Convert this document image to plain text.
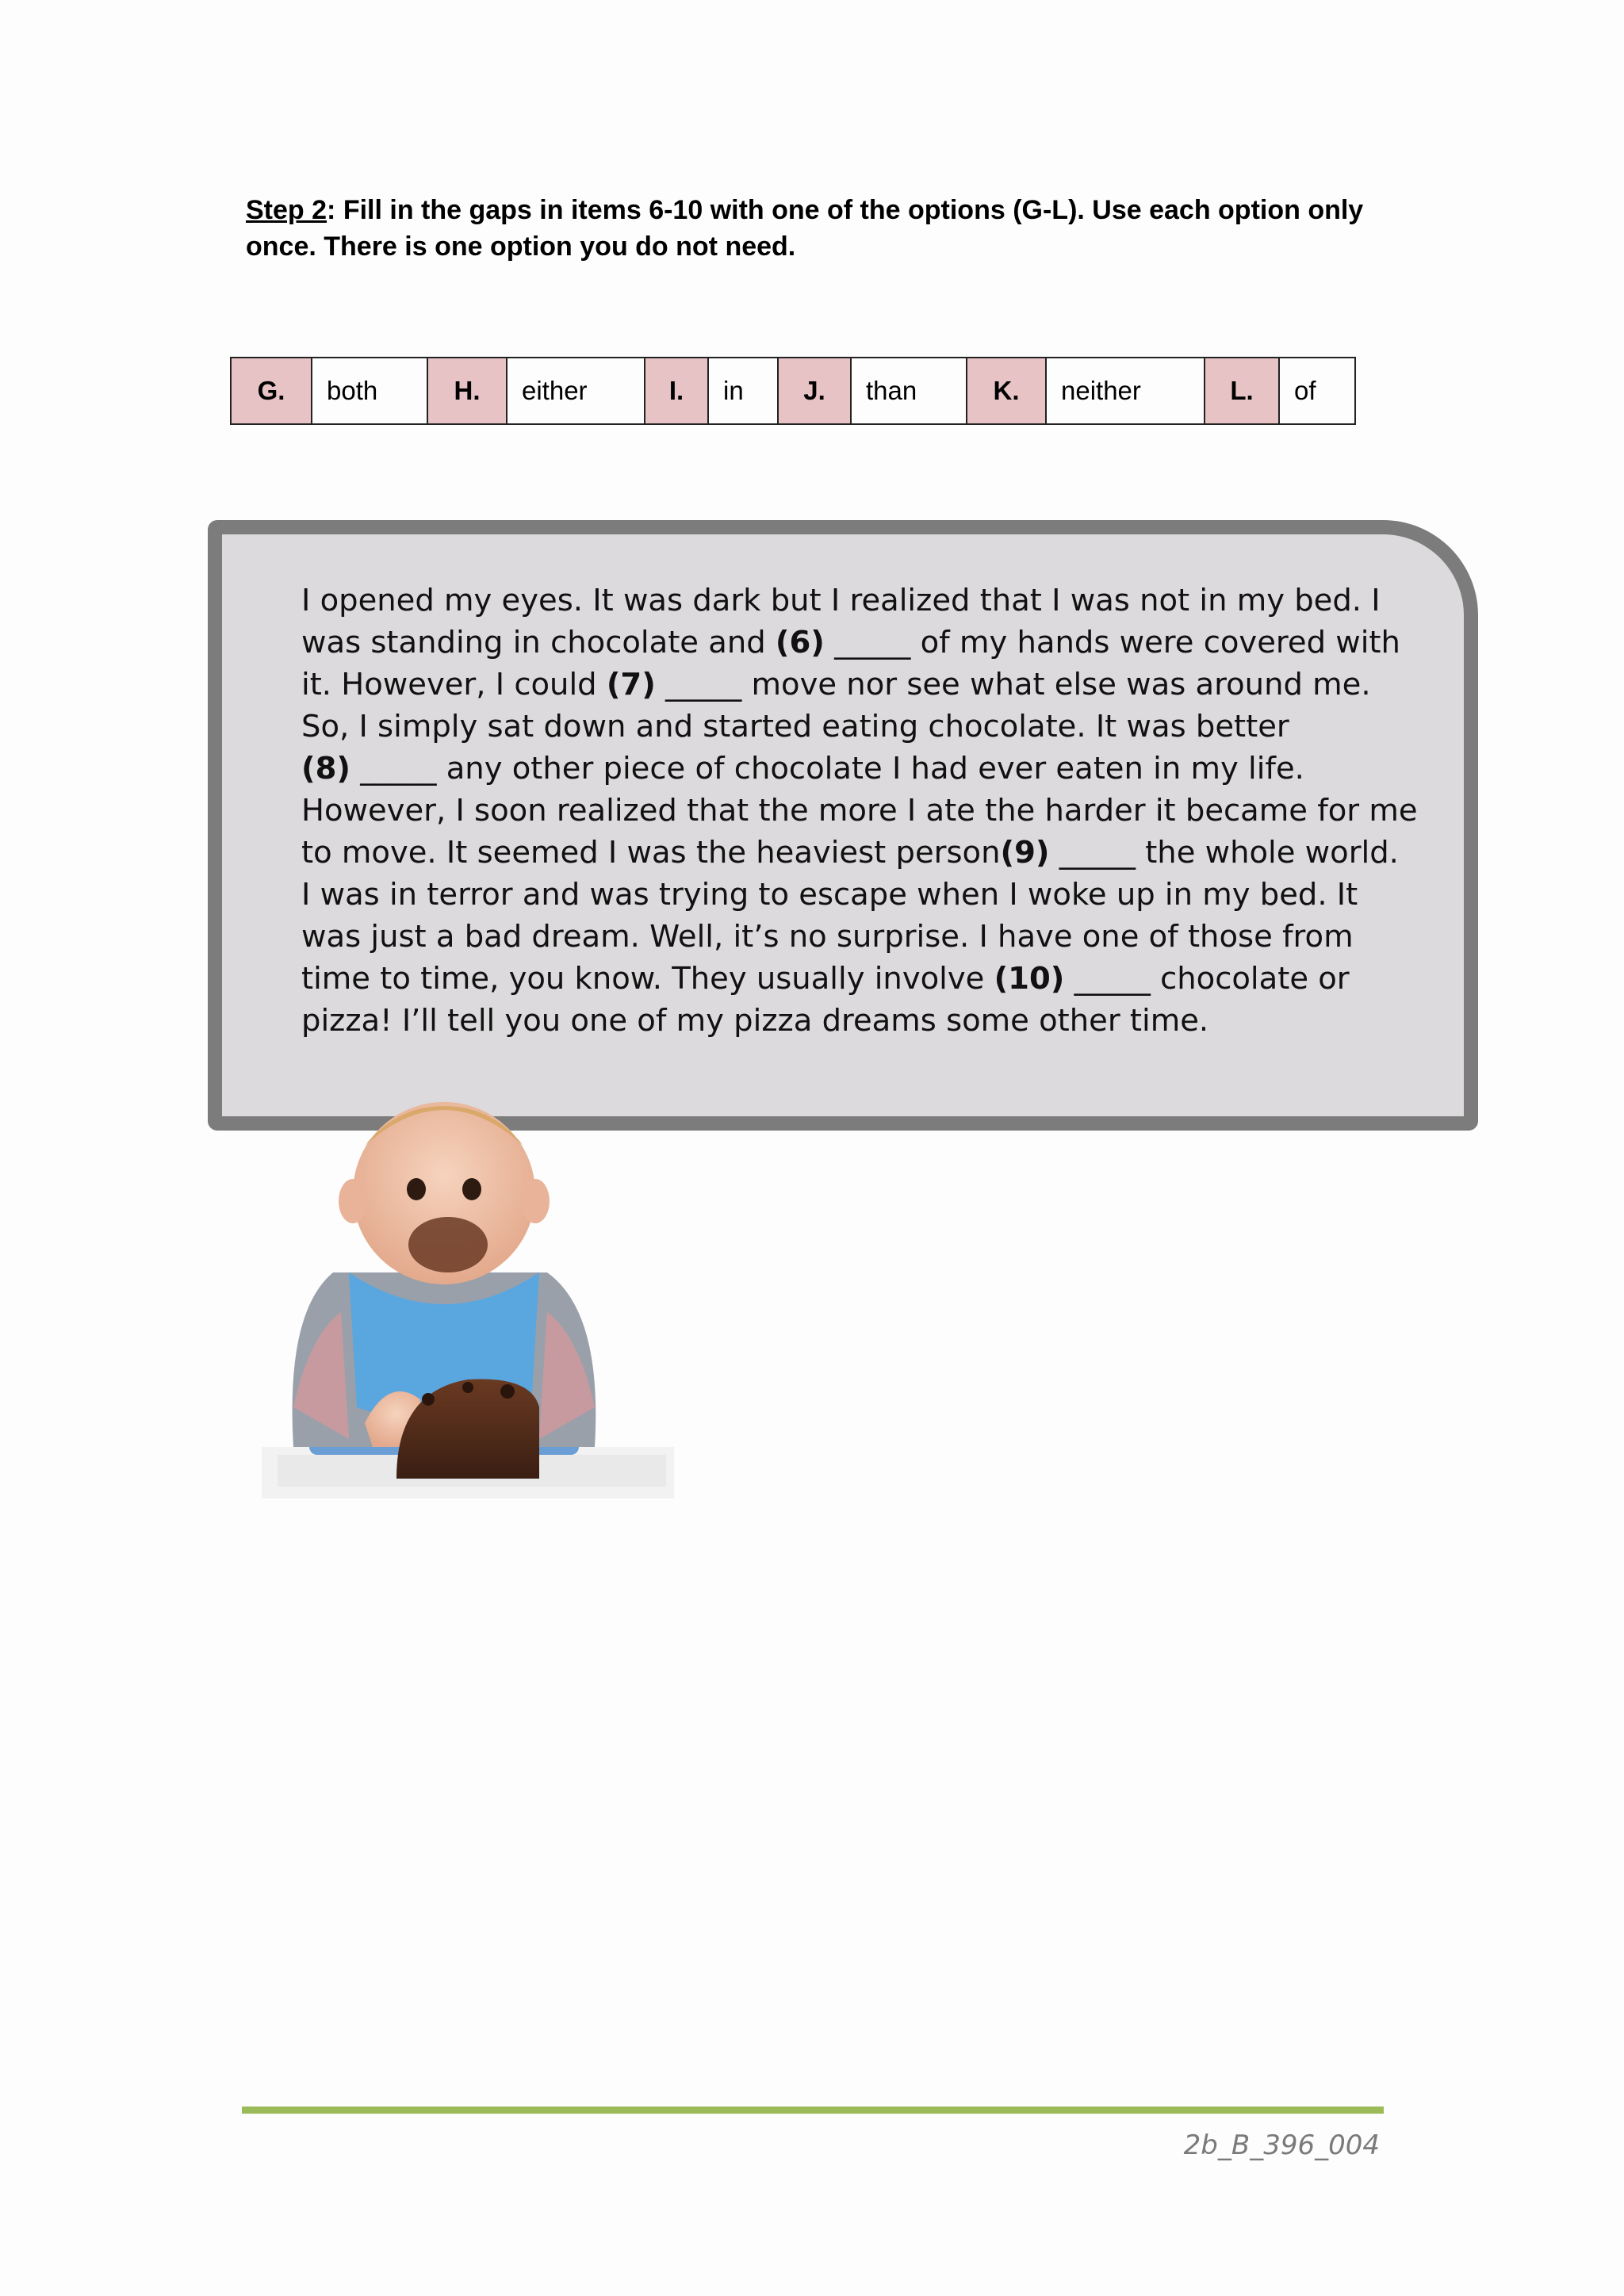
Step 2: Fill in the gaps in items 6-10 with one of the options (G-L). Use each option only once. There is one option you do not need.
G.	both	H.	either	I.	in	J.	than	K.	neither	L.	of
I opened my eyes. It was dark but I realized that I was not in my bed. I
was standing in chocolate and (6) _____ of my hands were covered with
it. However, I could (7) _____ move nor see what else was around me.
So, I simply sat down and started eating chocolate. It was better
(8) _____ any other piece of chocolate I had ever eaten in my life.
However, I soon realized that the more I ate the harder it became for me
to move. It seemed I was the heaviest person(9) _____ the whole world.
I was in terror and was trying to escape when I woke up in my bed. It
was just a bad dream. Well, it’s no surprise. I have one of those from
time to time, you know. They usually involve (10) _____ chocolate or
pizza! I’ll tell you one of my pizza dreams some other time.
2b_B_396_004
